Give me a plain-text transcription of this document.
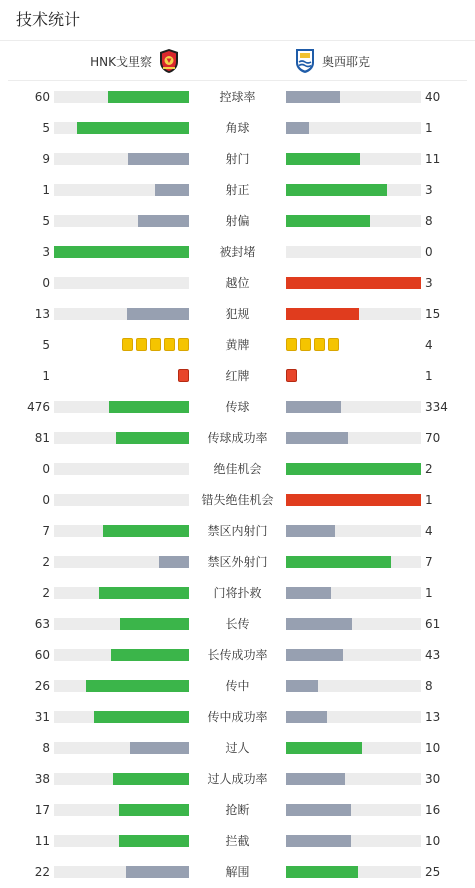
技术统计
HNK戈里察	奥西耶克
60	控球率	40
5	角球	1
9	射门	11
1	射正	3
5	射偏	8
3	被封堵	0
0	越位	3
13	犯规	15
5	黄牌	4
1	红牌	1
476	传球	334
81	传球成功率	70
0	绝佳机会	2
0	错失绝佳机会	1
7	禁区内射门	4
2	禁区外射门	7
2	门将扑救	1
63	长传	61
60	长传成功率	43
26	传中	8
31	传中成功率	13
8	过人	10
38	过人成功率	30
17	抢断	16
11	拦截	10
22	解围	25
